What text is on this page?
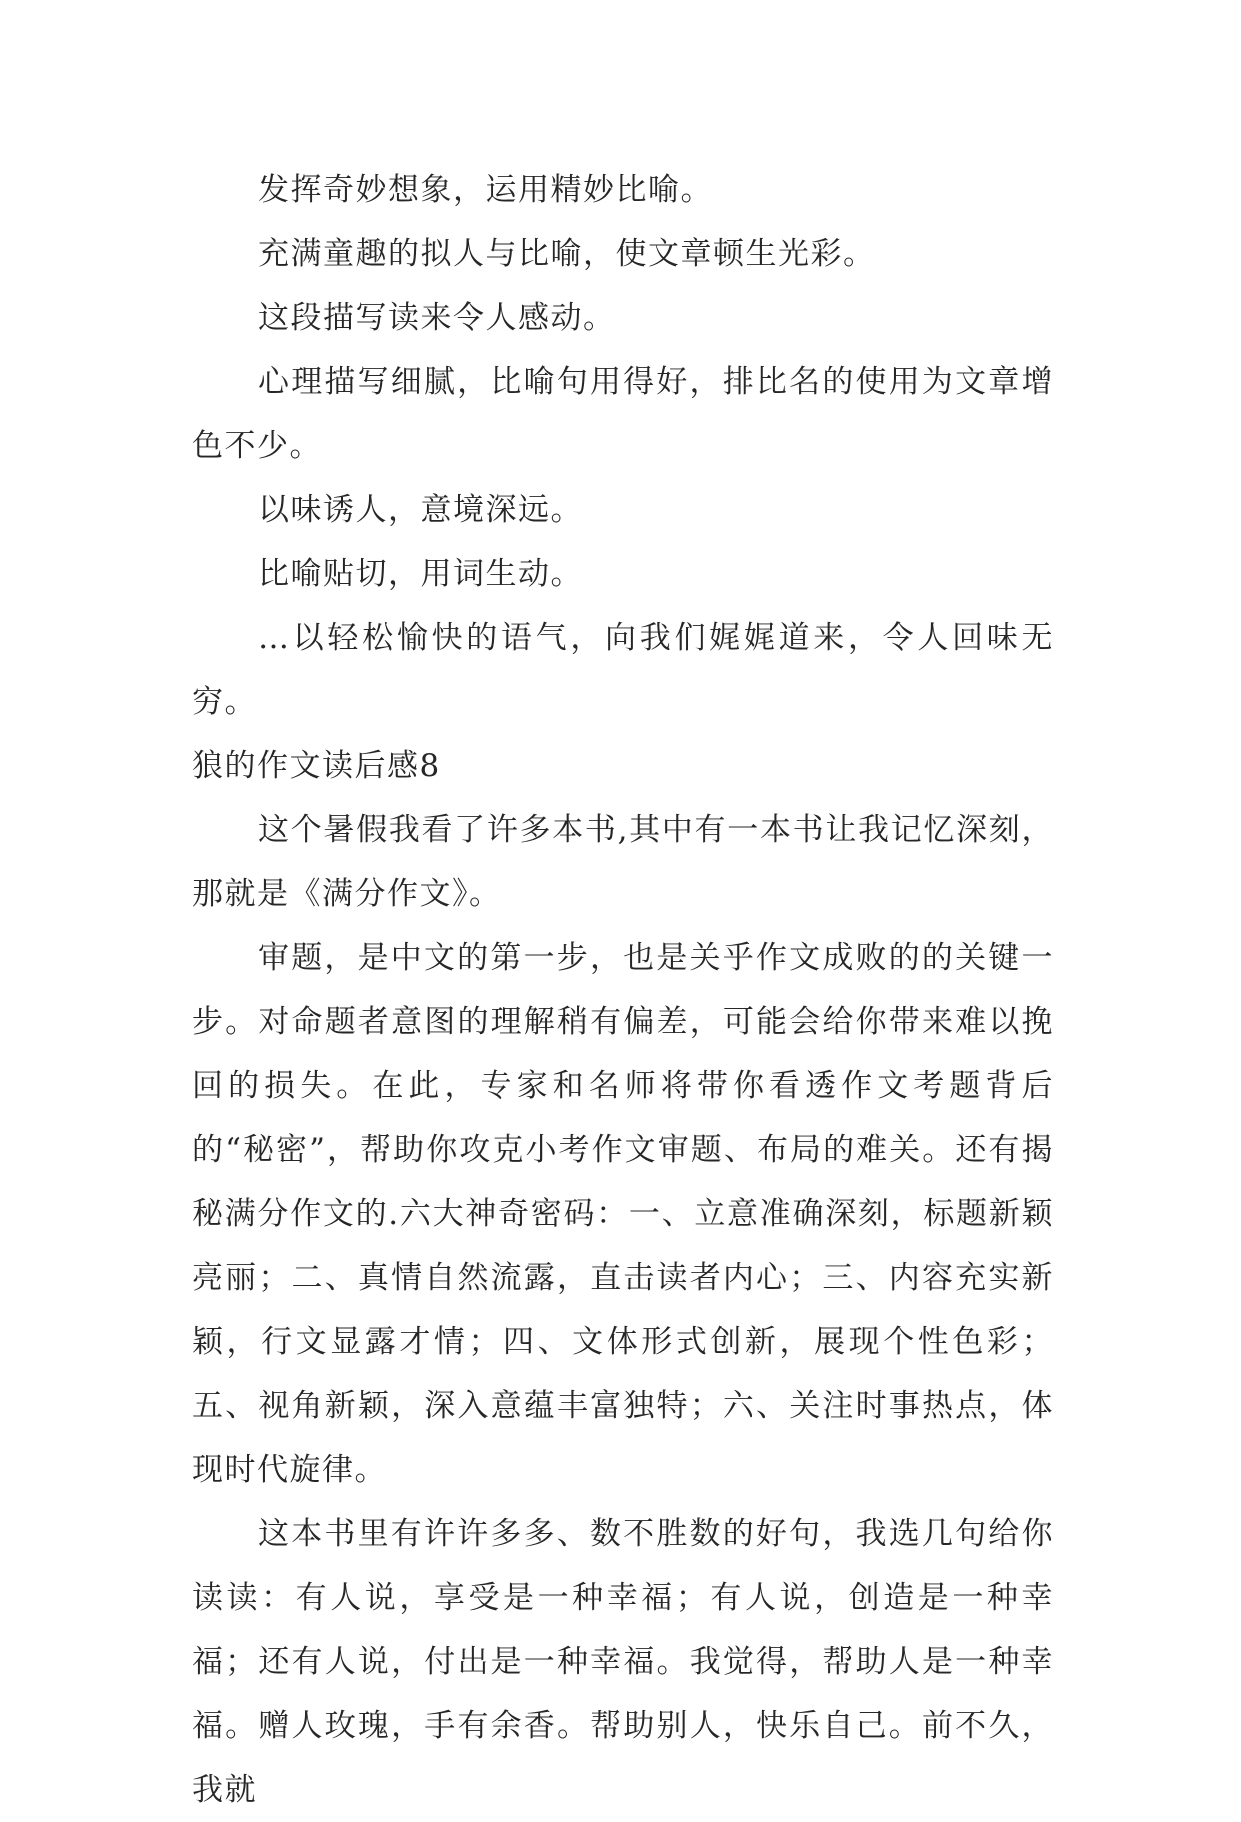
发挥奇妙想象，运用精妙比喻。

充满童趣的拟人与比喻，使文章顿生光彩。

这段描写读来令人感动。

心理描写细腻，比喻句用得好，排比名的使用为文章增色不少。

以味诱人，意境深远。

比喻贴切，用词生动。

…以轻松愉快的语气，向我们娓娓道来，令人回味无穷。

狼的作文读后感8

这个暑假我看了许多本书,其中有一本书让我记忆深刻，那就是《满分作文》。

审题，是中文的第一步，也是关乎作文成败的的关键一步。对命题者意图的理解稍有偏差，可能会给你带来难以挽回的损失。在此，专家和名师将带你看透作文考题背后的“秘密”，帮助你攻克小考作文审题、布局的难关。还有揭秘满分作文的.六大神奇密码：一、立意准确深刻，标题新颖亮丽；二、真情自然流露，直击读者内心；三、内容充实新颖，行文显露才情；四、文体形式创新，展现个性色彩；五、视角新颖，深入意蕴丰富独特；六、关注时事热点，体现时代旋律。

这本书里有许许多多、数不胜数的好句，我选几句给你读读：有人说，享受是一种幸福；有人说，创造是一种幸福；还有人说，付出是一种幸福。我觉得，帮助人是一种幸福。赠人玫瑰，手有余香。帮助别人，快乐自己。前不久，我就
